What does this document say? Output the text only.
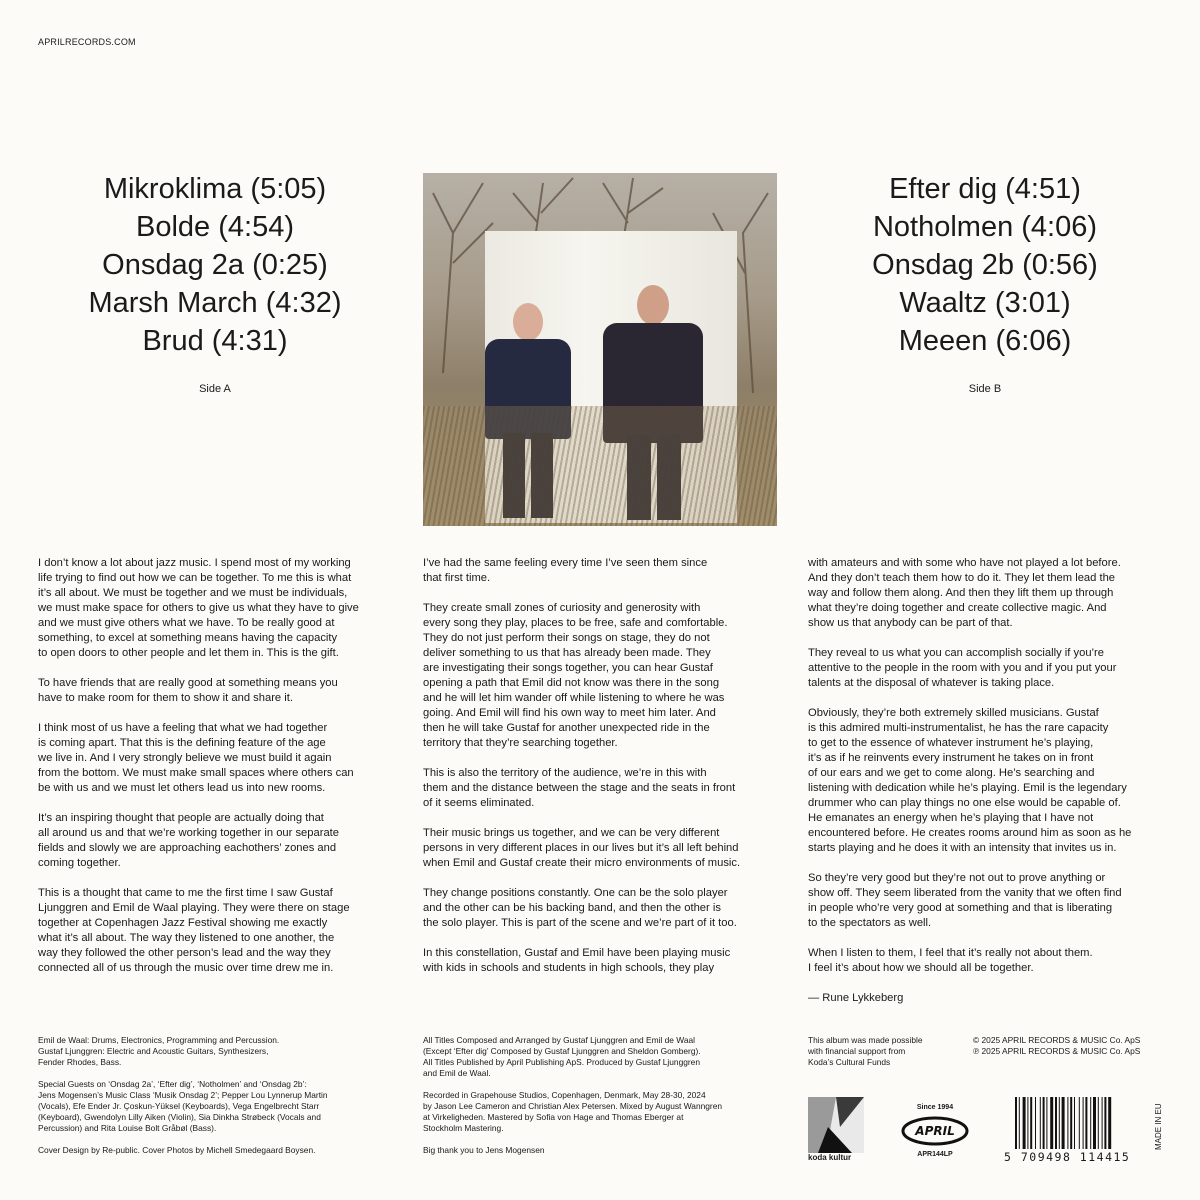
APRILRECORDS.COM
Mikroklima (5:05)
Bolde (4:54)
Onsdag 2a (0:25)
Marsh March (4:32)
Brud (4:31)
Side A
Efter dig (4:51)
Notholmen (4:06)
Onsdag 2b (0:56)
Waaltz (3:01)
Meeen (6:06)
Side B

I don’t know a lot about jazz music. I spend most of my working
life trying to find out how we can be together. To me this is what
it’s all about. We must be together and we must be individuals,
we must make space for others to give us what they have to give
and we must give others what we have. To be really good at
something, to excel at something means having the capacity
to open doors to other people and let them in. This is the gift.

To have friends that are really good at something means you
have to make room for them to show it and share it.

I think most of us have a feeling that what we had together
is coming apart. That this is the defining feature of the age
we live in. And I very strongly believe we must build it again
from the bottom. We must make small spaces where others can
be with us and we must let others lead us into new rooms.

It’s an inspiring thought that people are actually doing that
all around us and that we’re working together in our separate
fields and slowly we are approaching eachothers’ zones and
coming together.

This is a thought that came to me the first time I saw Gustaf
Ljunggren and Emil de Waal playing. They were there on stage
together at Copenhagen Jazz Festival showing me exactly
what it’s all about. The way they listened to one another, the
way they followed the other person’s lead and the way they
connected all of us through the music over time drew me in.

I’ve had the same feeling every time I’ve seen them since
that first time.

They create small zones of curiosity and generosity with
every song they play, places to be free, safe and comfortable.
They do not just perform their songs on stage, they do not
deliver something to us that has already been made. They
are investigating their songs together, you can hear Gustaf
opening a path that Emil did not know was there in the song
and he will let him wander off while listening to where he was
going. And Emil will find his own way to meet him later. And
then he will take Gustaf for another unexpected ride in the
territory that they’re searching together.

This is also the territory of the audience, we’re in this with
them and the distance between the stage and the seats in front
of it seems eliminated.

Their music brings us together, and we can be very different
persons in very different places in our lives but it’s all left behind
when Emil and Gustaf create their micro environments of music.

They change positions constantly. One can be the solo player
and the other can be his backing band, and then the other is
the solo player. This is part of the scene and we’re part of it too.

In this constellation, Gustaf and Emil have been playing music
with kids in schools and students in high schools, they play

with amateurs and with some who have not played a lot before.
And they don’t teach them how to do it. They let them lead the
way and follow them along. And then they lift them up through
what they’re doing together and create collective magic. And
show us that anybody can be part of that.

They reveal to us what you can accomplish socially if you’re
attentive to the people in the room with you and if you put your
talents at the disposal of whatever is taking place.

Obviously, they’re both extremely skilled musicians. Gustaf
is this admired multi-instrumentalist, he has the rare capacity
to get to the essence of whatever instrument he’s playing,
it’s as if he reinvents every instrument he takes on in front
of our ears and we get to come along. He’s searching and
listening with dedication while he’s playing. Emil is the legendary
drummer who can play things no one else would be capable of.
He emanates an energy when he’s playing that I have not
encountered before. He creates rooms around him as soon as he
starts playing and he does it with an intensity that invites us in.

So they’re very good but they’re not out to prove anything or
show off. They seem liberated from the vanity that we often find
in people who’re very good at something and that is liberating
to the spectators as well.

When I listen to them, I feel that it’s really not about them.
I feel it’s about how we should all be together.

— Rune Lykkeberg

Emil de Waal: Drums, Electronics, Programming and Percussion.
Gustaf Ljunggren: Electric and Acoustic Guitars, Synthesizers,
Fender Rhodes, Bass.

Special Guests on ‘Onsdag 2a’, ‘Efter dig’, ‘Notholmen’ and ‘Onsdag 2b’:
Jens Mogensen’s Music Class ‘Musik Onsdag 2’; Pepper Lou Lynnerup Martin
(Vocals), Efe Ender Jr. Çoskun-Yüksel (Keyboards), Vega Engelbrecht Starr
(Keyboard), Gwendolyn Lilly Aiken (Violin), Sia Dinkha Strøbeck (Vocals and
Percussion) and Rita Louise Bolt Gråbøl (Bass).

Cover Design by Re-public. Cover Photos by Michell Smedegaard Boysen.

All Titles Composed and Arranged by Gustaf Ljunggren and Emil de Waal
(Except ‘Efter dig’ Composed by Gustaf Ljunggren and Sheldon Gomberg).
All Titles Published by April Publishing ApS. Produced by Gustaf Ljunggren
and Emil de Waal.

Recorded in Grapehouse Studios, Copenhagen, Denmark, May 28-30, 2024
by Jason Lee Cameron and Christian Alex Petersen. Mixed by August Wanngren
at Virkeligheden. Mastered by Sofia von Hage and Thomas Eberger at
Stockholm Mastering.

Big thank you to Jens Mogensen

This album was made possible
with financial support from
Koda’s Cultural Funds

© 2025 APRIL RECORDS & MUSIC Co. ApS
℗ 2025 APRIL RECORDS & MUSIC Co. ApS

koda kultur
APRIL
Since 1994
APR144LP	5 709498 114415
MADE IN EU
